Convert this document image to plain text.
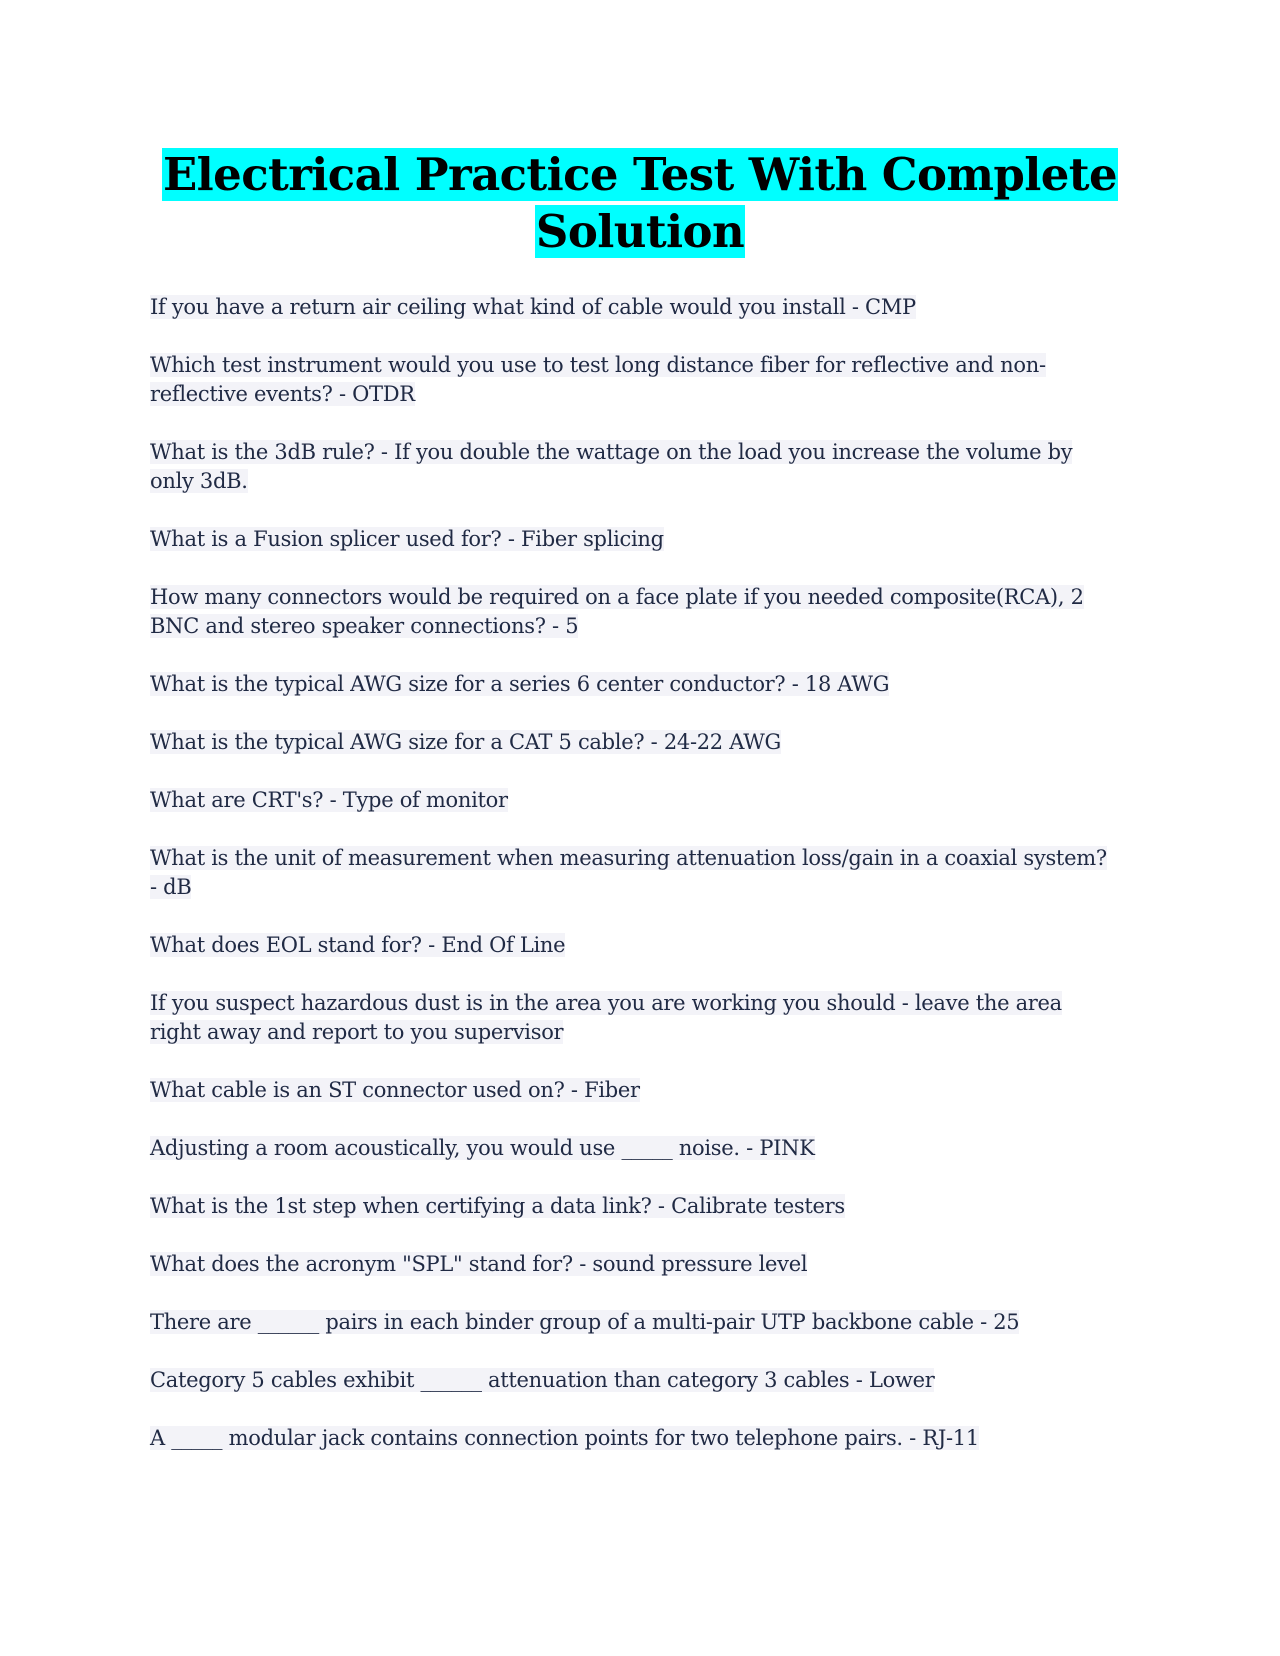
Electrical Practice Test With Complete
Solution
If you have a return air ceiling what kind of cable would you install - CMP
Which test instrument would you use to test long distance fiber for reflective and non-reflective events? - OTDR
What is the 3dB rule? - If you double the wattage on the load you increase the volume by only 3dB.
What is a Fusion splicer used for? - Fiber splicing
How many connectors would be required on a face plate if you needed composite(RCA), 2 BNC and stereo speaker connections? - 5
What is the typical AWG size for a series 6 center conductor? - 18 AWG
What is the typical AWG size for a CAT 5 cable? - 24-22 AWG
What are CRT's? - Type of monitor
What is the unit of measurement when measuring attenuation loss/gain in a coaxial system? - dB
What does EOL stand for? - End Of Line
If you suspect hazardous dust is in the area you are working you should - leave the area right away and report to you supervisor
What cable is an ST connector used on? - Fiber
Adjusting a room acoustically, you would use _____ noise. - PINK
What is the 1st step when certifying a data link? - Calibrate testers
What does the acronym "SPL" stand for? - sound pressure level
There are ______ pairs in each binder group of a multi-pair UTP backbone cable - 25
Category 5 cables exhibit ______ attenuation than category 3 cables - Lower
A _____ modular jack contains connection points for two telephone pairs. - RJ-11
